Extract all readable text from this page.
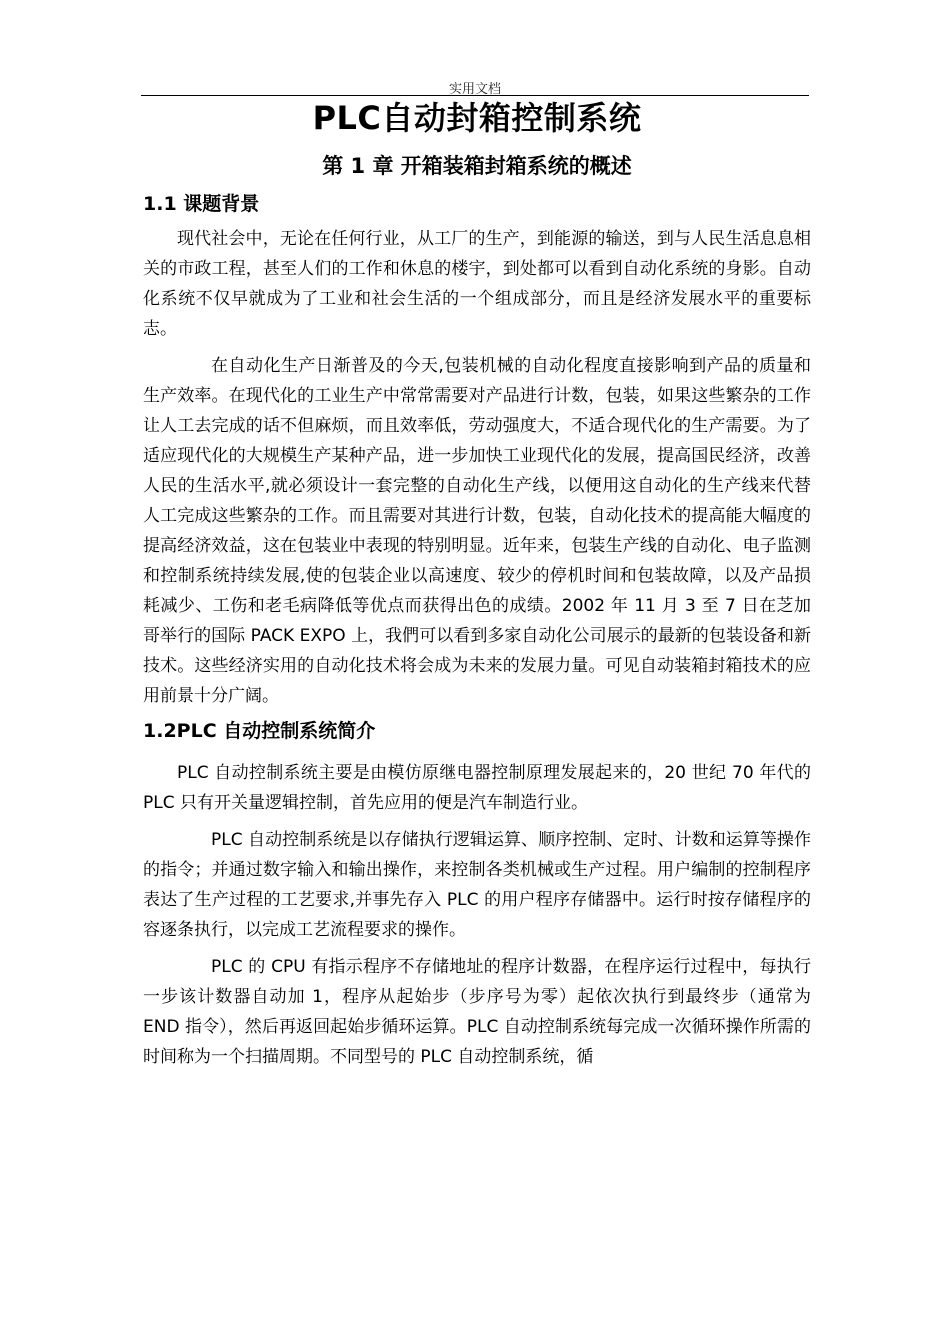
实用文档
PLC自动封箱控制系统
第 1 章 开箱装箱封箱系统的概述
1.1 课题背景

现代社会中，无论在任何行业，从工厂的生产，到能源的输送，到与人民生活息息相关的市政工程，甚至人们的工作和休息的楼宇，到处都可以看到自动化系统的身影。自动化系统不仅早就成为了工业和社会生活的一个组成部分，而且是经济发展水平的重要标志。

在自动化生产日渐普及的今天,包装机械的自动化程度直接影响到产品的质量和生产效率。在现代化的工业生产中常常需要对产品进行计数，包装，如果这些繁杂的工作让人工去完成的话不但麻烦，而且效率低，劳动强度大，不适合现代化的生产需要。为了适应现代化的大规模生产某种产品，进一步加快工业现代化的发展，提高国民经济，改善人民的生活水平,就必须设计一套完整的自动化生产线，以便用这自动化的生产线来代替人工完成这些繁杂的工作。而且需要对其进行计数，包装，自动化技术的提高能大幅度的提高经济效益，这在包装业中表现的特别明显。近年来，包装生产线的自动化、电子监测和控制系统持续发展,使的包装企业以高速度、较少的停机时间和包装故障，以及产品损耗减少、工伤和老毛病降低等优点而获得出色的成绩。2002 年 11 月 3 至 7 日在芝加哥举行的国际 PACK EXPO 上，我們可以看到多家自动化公司展示的最新的包装设备和新技术。这些经济实用的自动化技术将会成为未来的发展力量。可见自动装箱封箱技术的应用前景十分广阔。

1.2PLC 自动控制系统简介

PLC 自动控制系统主要是由模仿原继电器控制原理发展起来的，20 世纪 70 年代的 PLC 只有开关量逻辑控制，首先应用的便是汽车制造行业。

PLC 自动控制系统是以存储执行逻辑运算、顺序控制、定时、计数和运算等操作的指令；并通过数字输入和输出操作，来控制各类机械或生产过程。用户编制的控制程序表达了生产过程的工艺要求,并事先存入 PLC 的用户程序存储器中。运行时按存储程序的容逐条执行，以完成工艺流程要求的操作。

PLC 的 CPU 有指示程序不存储地址的程序计数器，在程序运行过程中，每执行一步该计数器自动加 1，程序从起始步（步序号为零）起依次执行到最终步（通常为 END 指令），然后再返回起始步循环运算。PLC 自动控制系统每完成一次循环操作所需的时间称为一个扫描周期。不同型号的 PLC 自动控制系统，循
